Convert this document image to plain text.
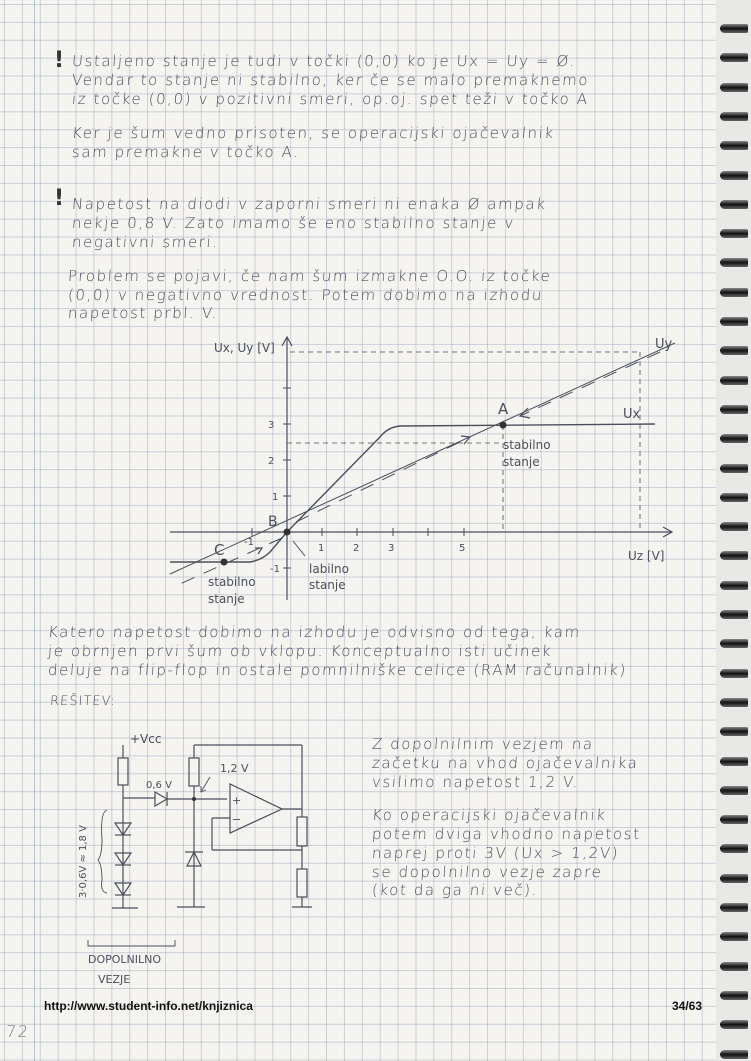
! Ustaljeno stanje je tudi v točki (0,0) ko je Ux = Uy = Ø.
Vendar to stanje ni stabilno, ker če se malo premaknemo
iz točke (0,0) v pozitivni smeri, op.oj. spet teži v točko A
Ker je šum vedno prisoten, se operacijski ojačevalnik
sam premakne v točko A.
! Napetost na diodi v zaporni smeri ni enaka Ø ampak
nekje 0,8 V. Zato imamo še eno stabilno stanje v
negativni smeri.
Problem se pojavi, če nam šum izmakne O.O. iz točke
(0,0) v negativno vrednost. Potem dobimo na izhodu
napetost prbl. V.
Ux, Uy [V]
Uz [V]
3
2
1
-1
-1
1	2	3	5
Uy
Ux
A
B
C
stabilno
stanje
labilno
stanje
stabilno
stanje
Katero napetost dobimo na izhodu je odvisno od tega, kam
je obrnjen prvi šum ob vklopu. Konceptualno isti učinek
deluje na flip-flop in ostale pomnilniške celice (RAM računalnik)
REŠITEV:
+Vcc
0,6 V
1,2 V
+
−
3·0,6V ≈ 1,8 V
DOPOLNILNO
VEZJE
Z dopolnilnim vezjem na
začetku na vhod ojačevalnika
vsilimo napetost 1,2 V.
Ko operacijski ojačevalnik
potem dviga vhodno napetost
naprej proti 3V (Ux > 1,2V)
se dopolnilno vezje zapre
(kot da ga ni več).
http://www.student-info.net/knjiznica	34/63
72
